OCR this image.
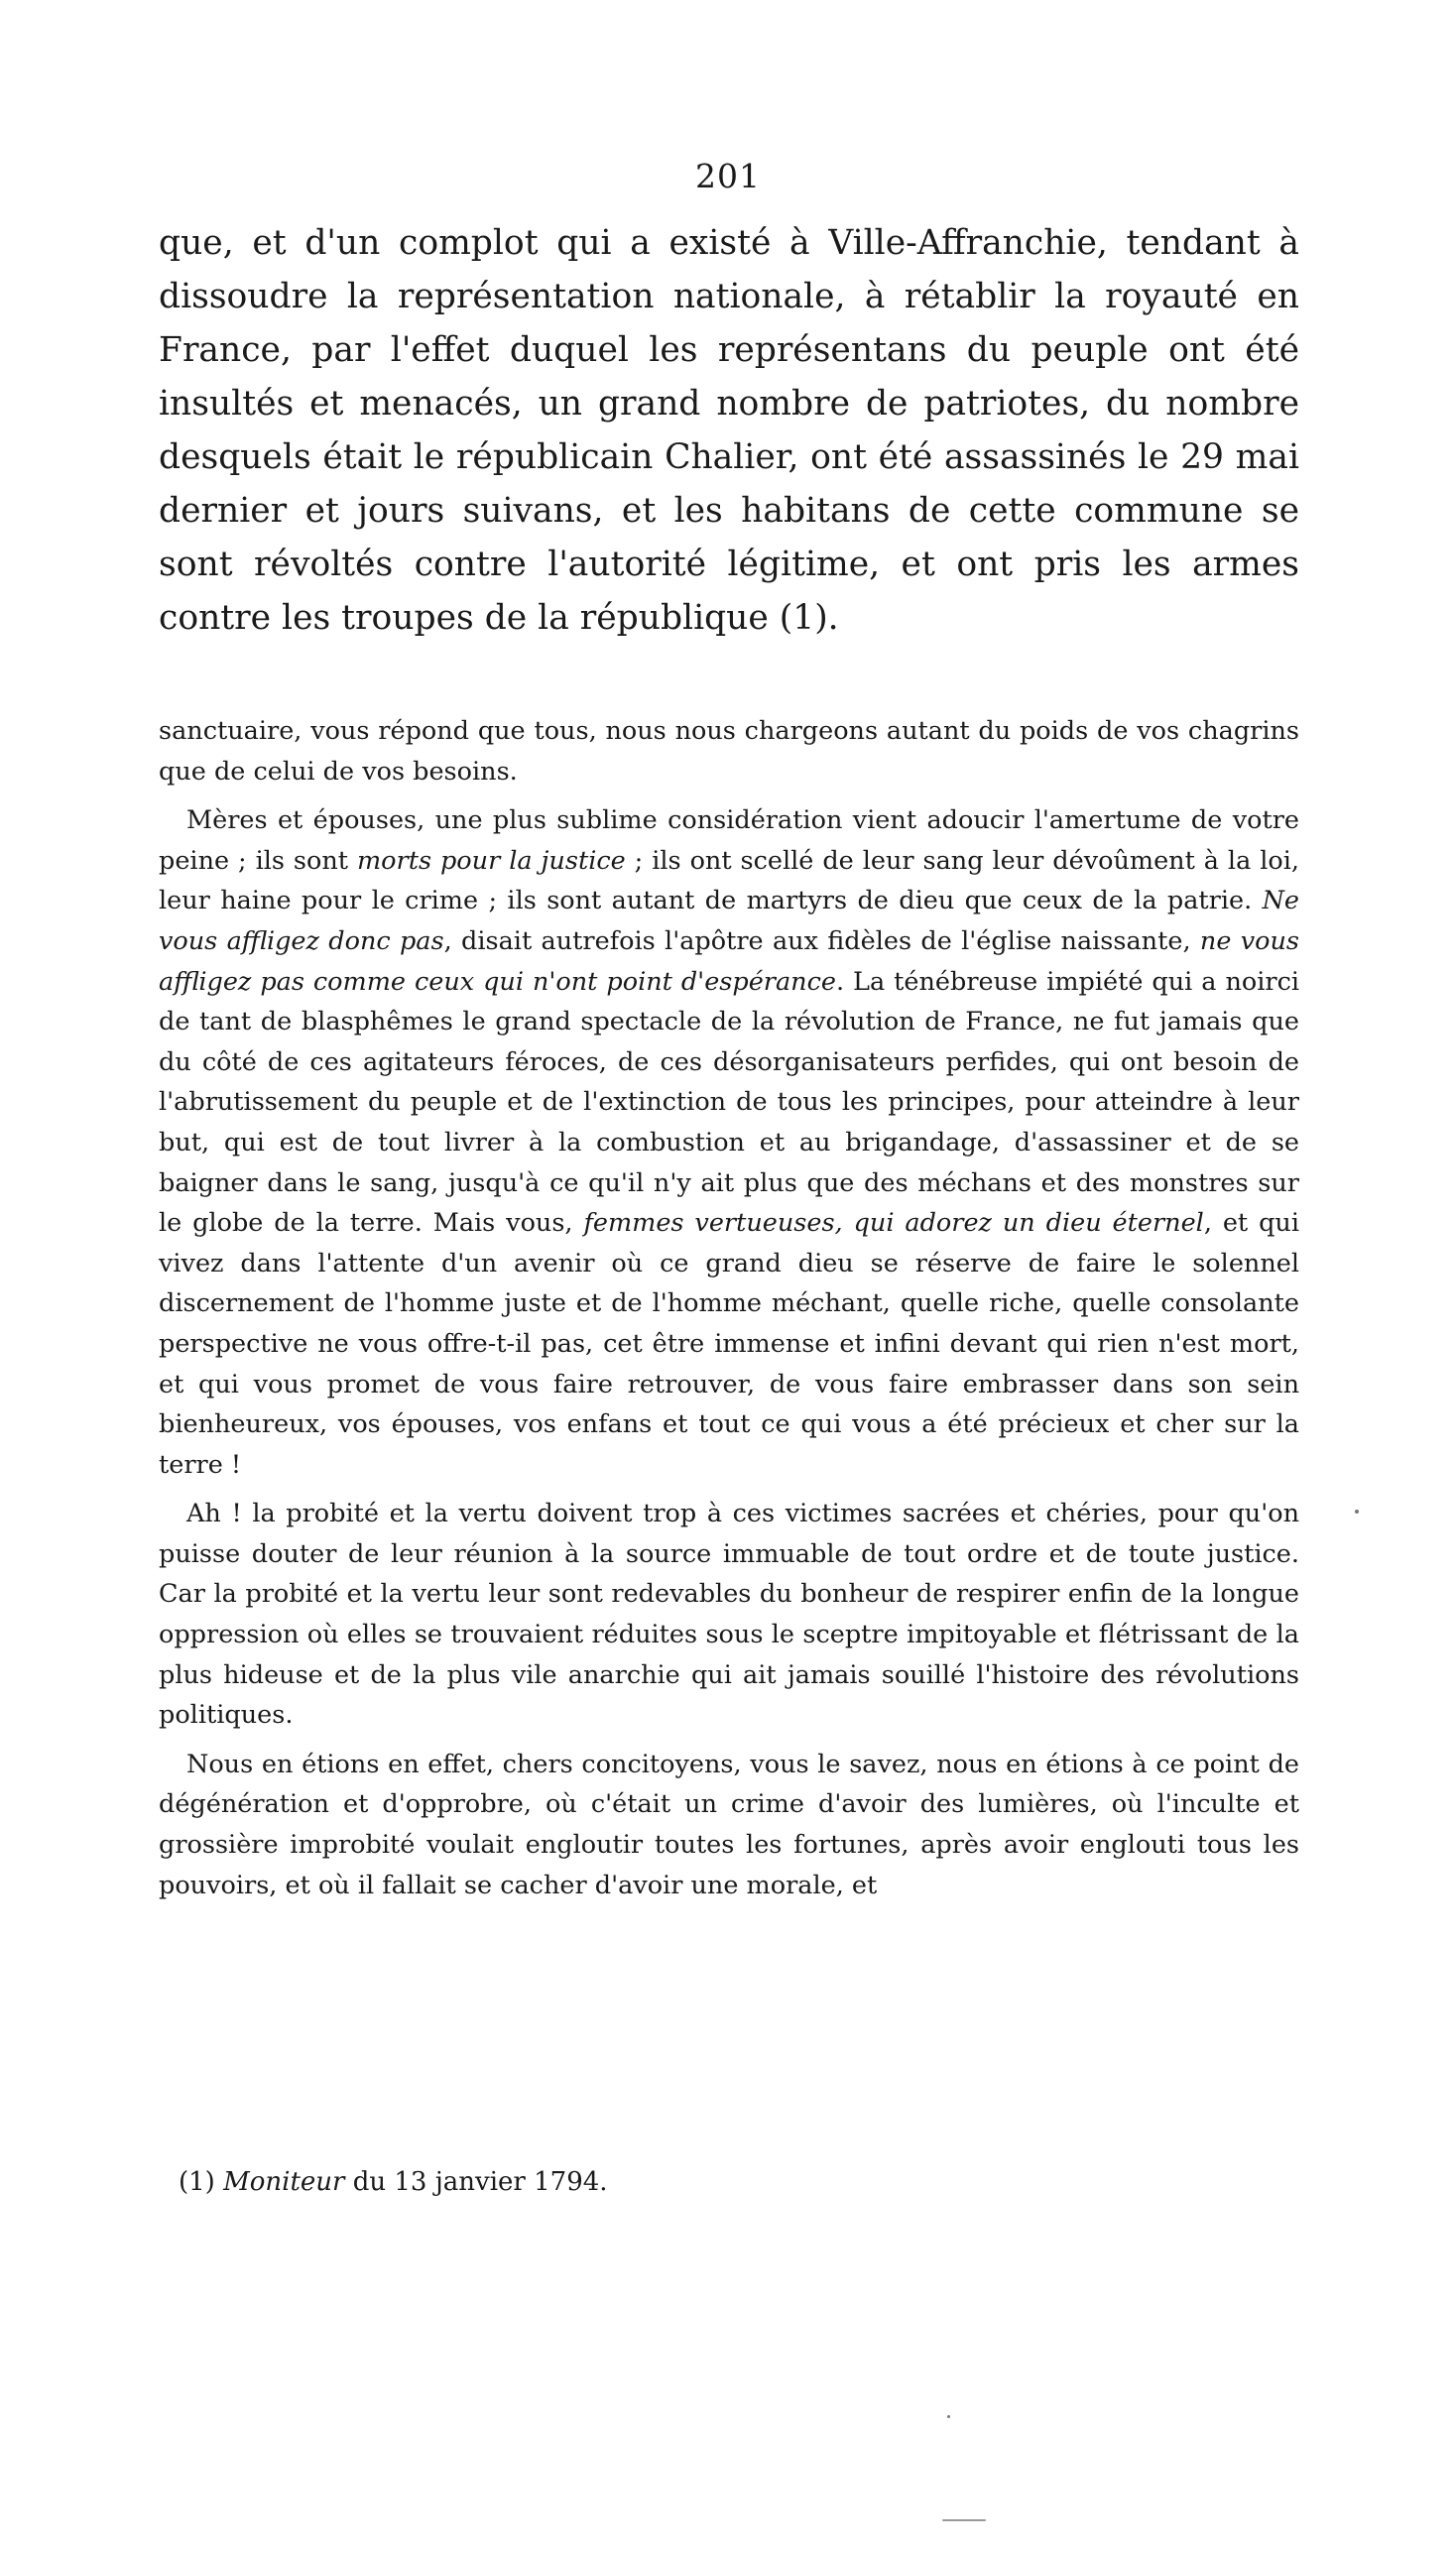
201

que, et d'un complot qui a existé à Ville-Affranchie, tendant à dissoudre la représentation nationale, à rétablir la royauté en France, par l'effet duquel les représentans du peuple ont été insultés et menacés, un grand nombre de patriotes, du nombre desquels était le républicain Chalier, ont été assassinés le 29 mai dernier et jours suivans, et les habitans de cette commune se sont révoltés contre l'autorité légitime, et ont pris les armes contre les troupes de la république (1).

sanctuaire, vous répond que tous, nous nous chargeons autant du poids de vos chagrins que de celui de vos besoins.

Mères et épouses, une plus sublime considération vient adoucir l'amertume de votre peine ; ils sont morts pour la justice ; ils ont scellé de leur sang leur dévoûment à la loi, leur haine pour le crime ; ils sont autant de martyrs de dieu que ceux de la patrie. Ne vous affligez donc pas, disait autrefois l'apôtre aux fidèles de l'église naissante, ne vous affligez pas comme ceux qui n'ont point d'espérance. La ténébreuse impiété qui a noirci de tant de blasphêmes le grand spectacle de la révolution de France, ne fut jamais que du côté de ces agitateurs féroces, de ces désorganisateurs perfides, qui ont besoin de l'abrutissement du peuple et de l'extinction de tous les principes, pour atteindre à leur but, qui est de tout livrer à la combustion et au brigandage, d'assassiner et de se baigner dans le sang, jusqu'à ce qu'il n'y ait plus que des méchans et des monstres sur le globe de la terre. Mais vous, femmes vertueuses, qui adorez un dieu éternel, et qui vivez dans l'attente d'un avenir où ce grand dieu se réserve de faire le solennel discernement de l'homme juste et de l'homme méchant, quelle riche, quelle consolante perspective ne vous offre-t-il pas, cet être immense et infini devant qui rien n'est mort, et qui vous promet de vous faire retrouver, de vous faire embrasser dans son sein bienheureux, vos épouses, vos enfans et tout ce qui vous a été précieux et cher sur la terre !

Ah ! la probité et la vertu doivent trop à ces victimes sacrées et chéries, pour qu'on puisse douter de leur réunion à la source immuable de tout ordre et de toute justice. Car la probité et la vertu leur sont redevables du bonheur de respirer enfin de la longue oppression où elles se trouvaient réduites sous le sceptre impitoyable et flétrissant de la plus hideuse et de la plus vile anarchie qui ait jamais souillé l'histoire des révolutions politiques.

Nous en étions en effet, chers concitoyens, vous le savez, nous en étions à ce point de dégénération et d'opprobre, où c'était un crime d'avoir des lumières, où l'inculte et grossière improbité voulait engloutir toutes les fortunes, après avoir englouti tous les pouvoirs, et où il fallait se cacher d'avoir une morale, et

(1) Moniteur du 13 janvier 1794.
